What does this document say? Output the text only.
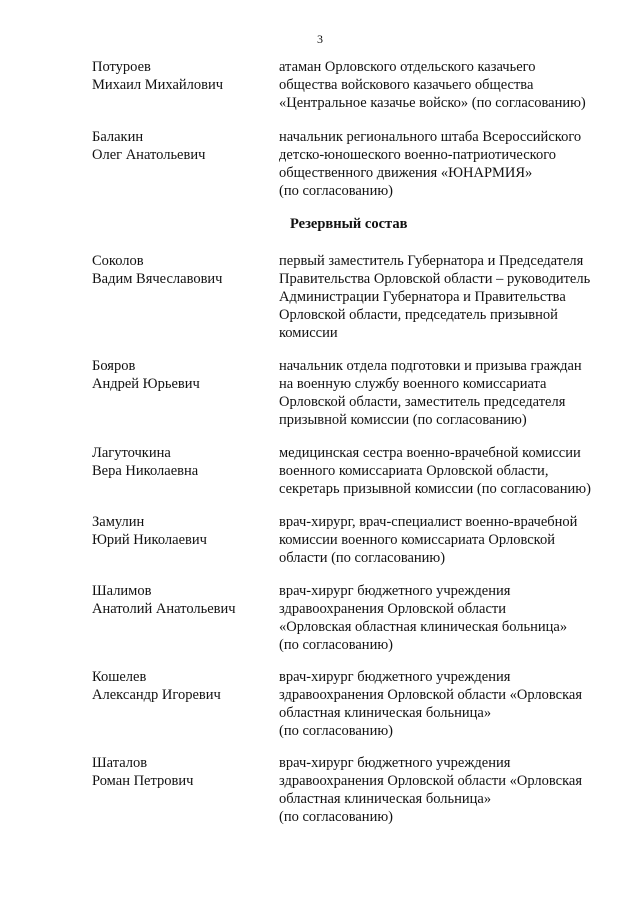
3
Потуроев
Михаил Михайлович
атаман Орловского отдельского казачьего
общества войскового казачьего общества
«Центральное казачье войско» (по согласованию)
Балакин
Олег Анатольевич
начальник регионального штаба Всероссийского
детско-юношеского военно-патриотического
общественного движения «ЮНАРМИЯ»
(по согласованию)
Резервный состав
Соколов
Вадим Вячеславович
первый заместитель Губернатора и Председателя
Правительства Орловской области – руководитель
Администрации Губернатора и Правительства
Орловской области, председатель призывной
комиссии
Бояров
Андрей Юрьевич
начальник отдела подготовки и призыва граждан
на военную службу военного комиссариата
Орловской области, заместитель председателя
призывной комиссии (по согласованию)
Лагуточкина
Вера Николаевна
медицинская сестра военно-врачебной комиссии
военного комиссариата Орловской области,
секретарь призывной комиссии (по согласованию)
Замулин
Юрий Николаевич
врач-хирург, врач-специалист военно-врачебной
комиссии военного комиссариата Орловской
области (по согласованию)
Шалимов
Анатолий Анатольевич
врач-хирург бюджетного учреждения
здравоохранения Орловской области
«Орловская областная клиническая больница»
(по согласованию)
Кошелев
Александр Игоревич
врач-хирург бюджетного учреждения
здравоохранения Орловской области «Орловская
областная клиническая больница»
(по согласованию)
Шаталов
Роман Петрович
врач-хирург бюджетного учреждения
здравоохранения Орловской области «Орловская
областная клиническая больница»
(по согласованию)
